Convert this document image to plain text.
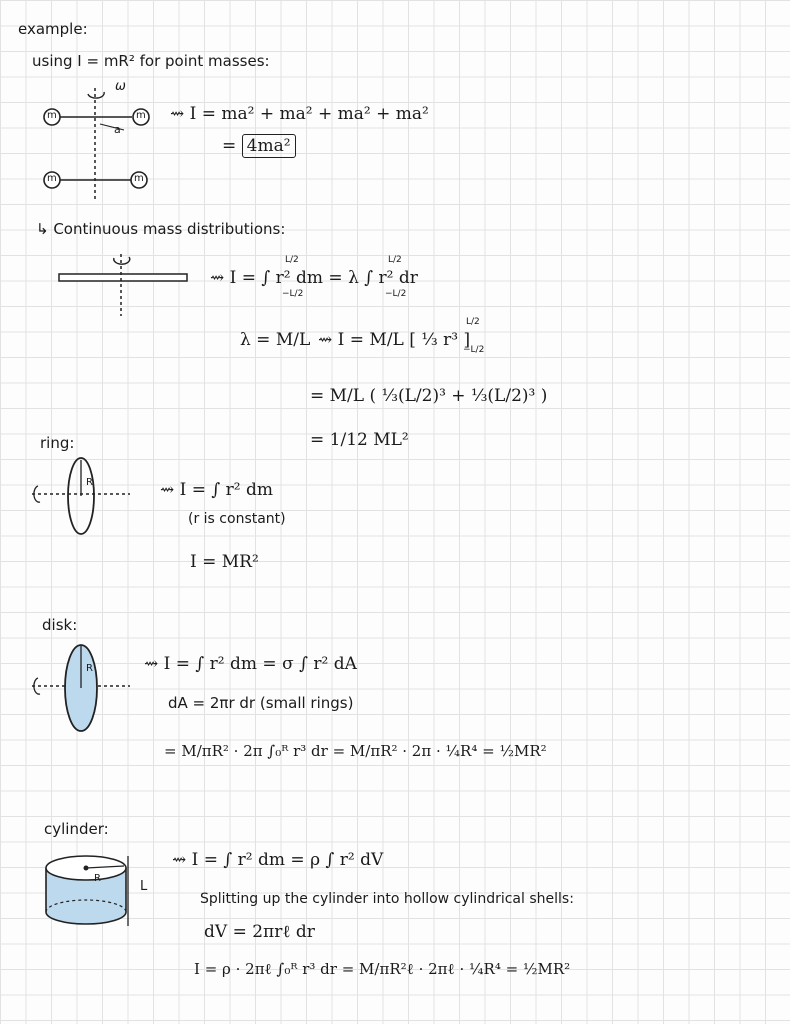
example:
using I = mR² for point masses:
ω
a
m	m
m	m
⇝ I = ma² + ma² + ma² + ma²
= 4ma²
↳ Continuous mass distributions:
⇝ I = ∫ r² dm = λ ∫ r² dr
L/2
−L/2
L/2
−L/2
λ = M/L ⇝ I = M/L [ ⅓ r³ ]
L/2
−L/2
= M/L ( ⅓(L/2)³ + ⅓(L/2)³ )
= 1/12 ML²
ring:
R	⇝ I = ∫ r² dm
(r is constant)
I = MR²
disk:
R	⇝ I = ∫ r² dm = σ ∫ r² dA
dA = 2πr dr (small rings)
= M/πR² · 2π ∫₀ᴿ r³ dr = M/πR² · 2π · ¼R⁴ = ½MR²
cylinder:
R
L
⇝ I = ∫ r² dm = ρ ∫ r² dV
Splitting up the cylinder into hollow cylindrical shells:
dV = 2πrℓ dr
I = ρ · 2πℓ ∫₀ᴿ r³ dr = M/πR²ℓ · 2πℓ · ¼R⁴ = ½MR²
